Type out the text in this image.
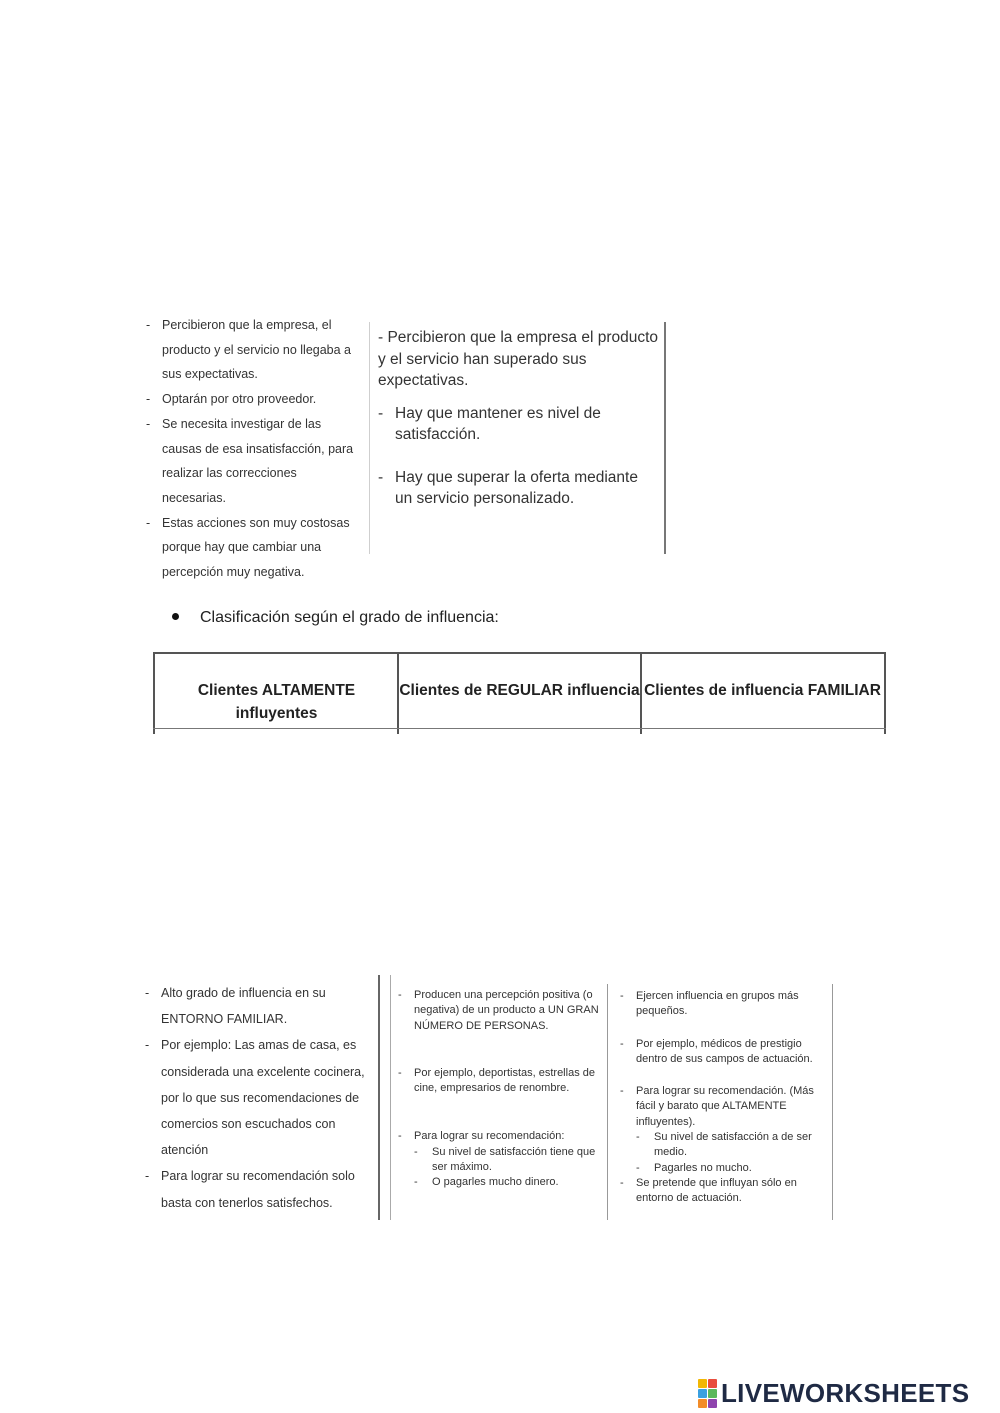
- Percibieron que la empresa, el producto y el servicio no llegaba a sus expectativas.
- Optarán por otro proveedor.
- Se necesita investigar de las causas de esa insatisfacción, para realizar las correcciones necesarias.
- Estas acciones son muy costosas porque hay que cambiar una percepción muy negativa.

- Percibieron que la empresa el producto y el servicio han superado sus expectativas.

- Hay que mantener es nivel de satisfacción.
- Hay que superar la oferta mediante un servicio personalizado.
Clasificación según el grado de influencia:
Clientes ALTAMENTE influyentes
Clientes de REGULAR influencia Clientes de influencia FAMILIAR
- Alto grado de influencia en su ENTORNO FAMILIAR.
- Por ejemplo: Las amas de casa, es considerada una excelente cocinera, por lo que sus recomendaciones de comercios son escuchados con atención
- Para lograr su recomendación solo basta con tenerlos satisfechos.
- Producen una percepción positiva (o negativa) de un producto a UN GRAN NÚMERO DE PERSONAS.
- Por ejemplo, deportistas, estrellas de cine, empresarios de renombre.
- Para lograr su recomendación:
- Su nivel de satisfacción tiene que ser máximo.
- O pagarles mucho dinero.
- Ejercen influencia en grupos más pequeños.
- Por ejemplo, médicos de prestigio dentro de sus campos de actuación.
- Para lograr su recomendación. (Más fácil y barato que ALTAMENTE influyentes).
- Su nivel de satisfacción a de ser medio.
- Pagarles no mucho.
- Se pretende que influyan sólo en entorno de actuación.
LIVEWORKSHEETS
